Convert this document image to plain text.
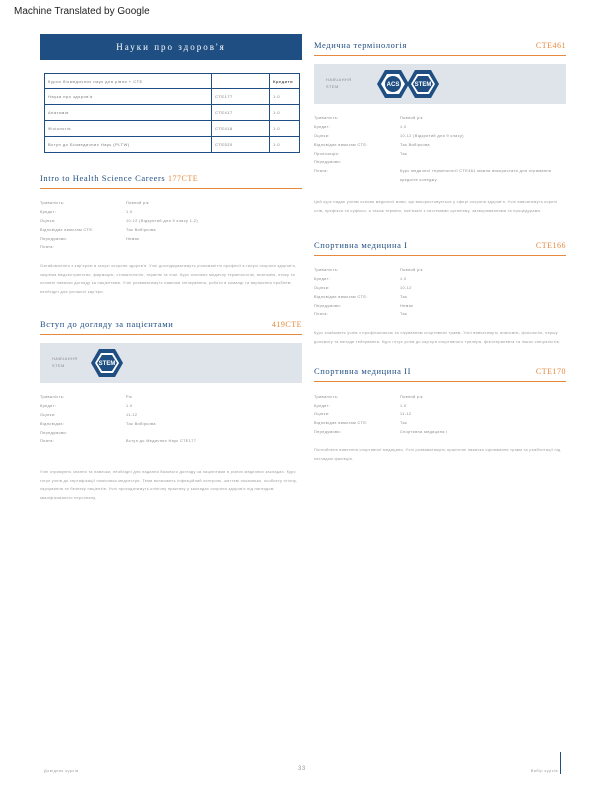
Machine Translated by Google
Науки про здоров'я
Курси біомедичних наук для рівня + CTE		Кредити
Наука про здоров'я	CTE177	1.0
Анатомія	CTE417	1.0
Фізіологія	CTE418	1.0
Вступ до Біомедичних Наук (PLTW)	CTE520	1.0
Intro to Health Science Careers 177CTE
Тривалість:	Повний рік
Кредит:	1.0
Оцінки:	10-12 (Відкритий для 9 класу 1-2)
Відповідає вимогам CTE:	Так Вибіркова
Передумови:	Немає
Плата:
Ознайомлення з кар'єрою в галузі охорони здоров'я. Учні досліджуватимуть різноманітні професії в галузі охорони здоров'я, зокрема медсестринство, фармацію, стоматологію, терапію та інші. Курс охоплює медичну термінологію, анатомію, етику та основні навички догляду за пацієнтами. Учні розвиватимуть навички спілкування, роботи в команді та вирішення проблем, необхідні для успішної кар'єри.
Вступ до догляду за пацієнтами	419CTE
НАВЧАННЯ
STEM	STEM
Тривалість:	Рік
Кредит:	1.0
Оцінки:	11-12
Відповідає:	Так Вибіркова
Передумови:
Плата:	Вступ до Медичних Наук CTE177
Учні отримують знання та навички, необхідні для надання базового догляду за пацієнтами в різних медичних закладах. Курс готує учнів до сертифікації помічника медсестри. Теми включають інфекційний контроль, життєві показники, особисту гігієну, харчування та безпеку пацієнтів. Учні проходитимуть клінічну практику у закладах охорони здоров'я під наглядом кваліфікованого персоналу.
Медична термінологія	CTE461
НАВЧАННЯ
STEM	ACS	STEM
Тривалість:	Повний рік
Кредит:	1.0
Оцінки:	10-12 (Відкритий для 9 класу)
Відповідає вимогам CTE:	Так Вибіркова
Пропозиція:	Так
Передумови:
Плата:	Курс медичної термінології CTE461 можна використати для отримання кредитів коледжу
Цей курс надає учням основи медичної мови, що використовується у сфері охорони здоров'я. Учні вивчатимуть корені слів, префікси та суфікси, а також терміни, пов'язані з системами організму, захворюваннями та процедурами.
Спортивна медицина I	CTE166
Тривалість:	Повний рік
Кредит:	1.0
Оцінки:	10-12
Відповідає вимогам CTE:	Так
Передумови:	Немає
Плата:	Так
Курс знайомить учнів з профілактикою та лікуванням спортивних травм. Учні вивчатимуть анатомію, фізіологію, першу допомогу та методи тейпування. Курс готує учнів до кар'єри спортивного тренера, фізіотерапевта та інших спеціалістів.
Спортивна медицина II	CTE170
Тривалість:	Повний рік
Кредит:	1.0
Оцінки:	11-12
Відповідає вимогам CTE:	Так
Передумови:	Спортивна медицина I
Поглиблене вивчення спортивної медицини. Учні розвиватимуть практичні навички оцінювання травм та реабілітації під наглядом фахівців.
Довідник курсів	33	Вибір курсів
